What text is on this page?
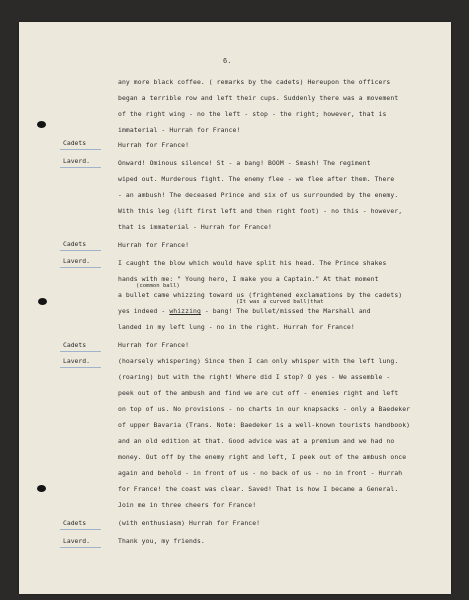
6.
Cadets
Laverd.
Cadets
Laverd.
Cadets
Laverd.
Cadets
Laverd.
any more black coffee. ( remarks by the cadets) Hereupon the officers
began a terrible row and left their cups. Suddenly there was a movement
of the right wing - no the left - stop - the right; however, that is
immaterial - Hurrah for France!
Hurrah for France!
Onward! Ominous silence! St - a bang! BOOM - Smash! The regiment
wiped out. Murderous fight. The enemy flee - we flee after them. There
- an ambush! The deceased Prince and six of us surrounded by the enemy.
With this leg (lift first left and then right foot) - no this - however,
that is immaterial - Hurrah for France!
Hurrah for France!
I caught the blow which would have split his head. The Prince shakes
hands with me: " Young hero, I make you a Captain." At that moment
(common ball)
a bullet came whizzing toward us (frightened exclamations by the cadets)
(It was a curved ball)that
yes indeed - whizzing - bang! The bullet/missed the Marshall and
landed in my left lung - no in the right. Hurrah for France!
Hurrah for France!
(hoarsely whispering) Since then I can only whisper with the left lung.
(roaring) but with the right! Where did I stop? O yes - We assemble -
peek out of the ambush and find we are cut off - enemies right and left
on top of us. No provisions - no charts in our knapsacks - only a Baedeker
of upper Bavaria (Trans. Note: Baedeker is a well-known tourists handbook)
and an old edition at that. Good advice was at a premium and we had no
money. Out off by the enemy right and left, I peek out of the ambush once
again and behold - in front of us - no back of us - no in front - Hurrah
for France! the coast was clear. Saved! That is how I became a General.
Join me in three cheers for France!
(with enthusiasm) Hurrah for France!
Thank you, my friends.
